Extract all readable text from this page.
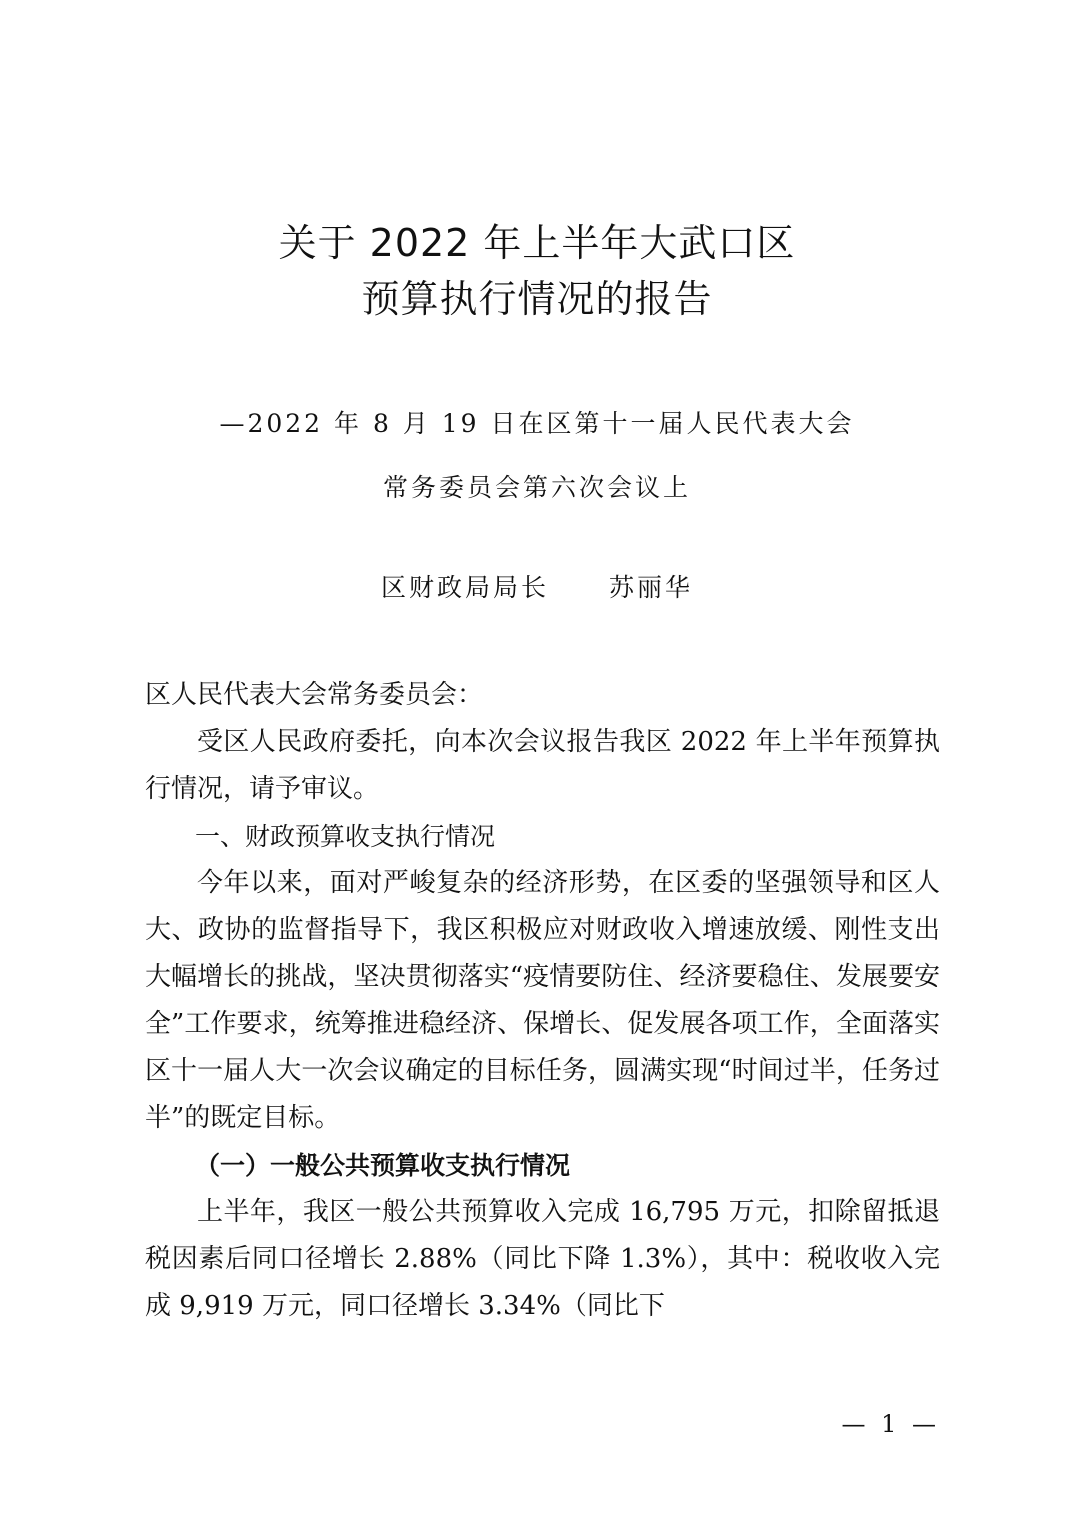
关于 2022 年上半年大武口区
预算执行情况的报告
—2022 年 8 月 19 日在区第十一届人民代表大会
常务委员会第六次会议上
区财政局局长 苏丽华

区人民代表大会常务委员会：

受区人民政府委托，向本次会议报告我区 2022 年上半年预算执行情况，请予审议。

一、财政预算收支执行情况

今年以来，面对严峻复杂的经济形势，在区委的坚强领导和区人大、政协的监督指导下，我区积极应对财政收入增速放缓、刚性支出大幅增长的挑战，坚决贯彻落实“疫情要防住、经济要稳住、发展要安全”工作要求，统筹推进稳经济、保增长、促发展各项工作，全面落实区十一届人大一次会议确定的目标任务，圆满实现“时间过半，任务过半”的既定目标。

（一）一般公共预算收支执行情况

上半年，我区一般公共预算收入完成 16,795 万元，扣除留抵退税因素后同口径增长 2.88%（同比下降 1.3%），其中：税收收入完成 9,919 万元，同口径增长 3.34%（同比下

— 1 —
